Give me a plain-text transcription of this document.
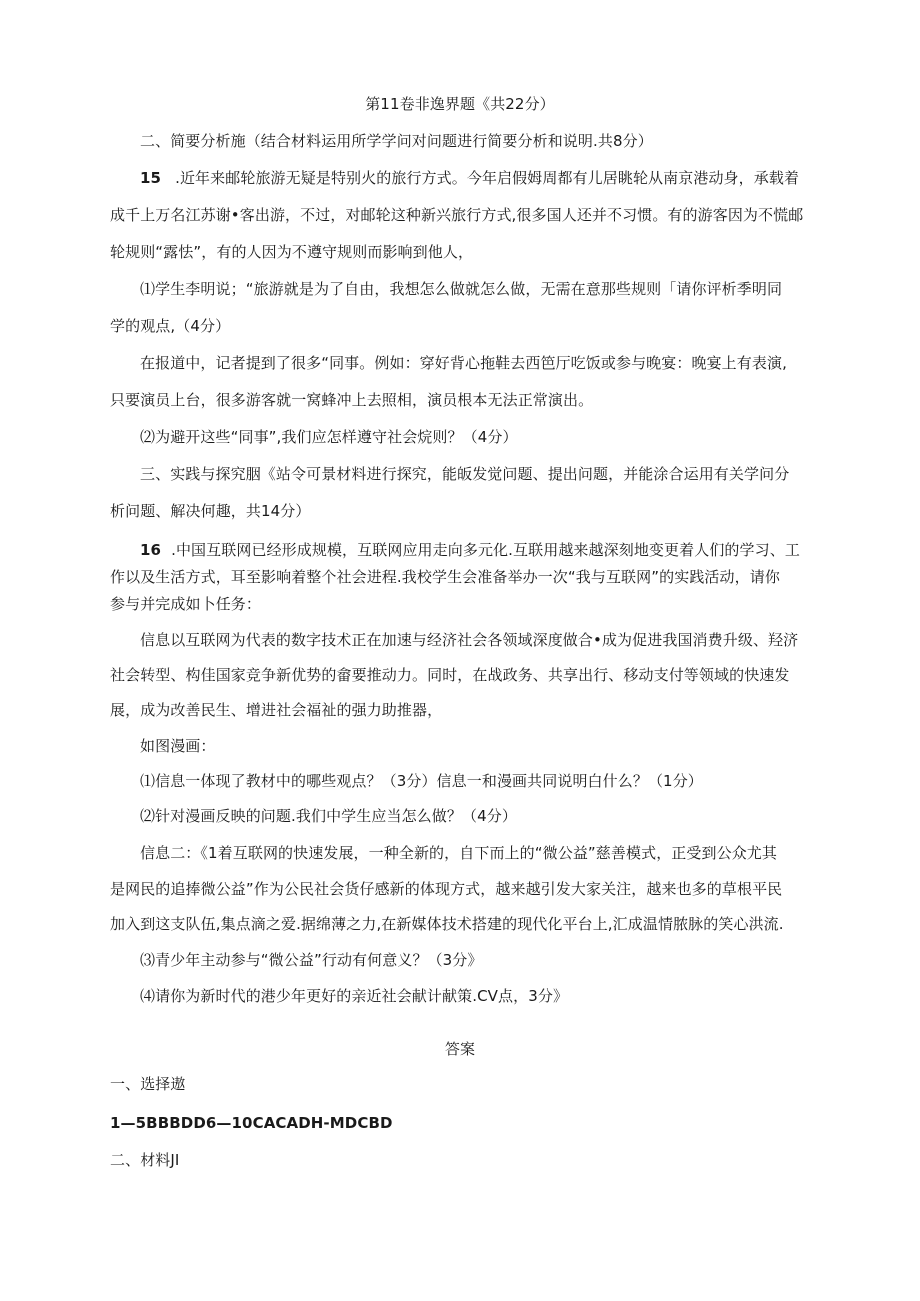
第11卷非逸界题《共22分）
二、简要分析施（结合材料运用所学学问对问题进行简要分析和说明.共8分）
15 .近年来邮轮旅游无疑是特别火的旅行方式。今年启假姆周都有儿居眺轮从南京港动身，承载着
成千上万名江苏谢•客出游，不过，对邮轮这种新兴旅行方式,很多国人还并不习惯。有的游客因为不慌邮
轮规则“露怯”，有的人因为不遵守规则而影响到他人，
⑴学生李明说；“旅游就是为了自由，我想怎么做就怎么做，无需在意那些规则「请你评析季明同
学的观点,（4分）
在报道中，记者提到了很多“同事。例如：穿好背心拖鞋去西笆厅吃饭或参与晚宴：晚宴上有表演,
只要演员上台，很多游客就一窝蜂冲上去照相，演员根本无法正常演出。
⑵为避开这些“同事”,我们应怎样遵守社会烷则？（4分）
三、实践与探究胭《站令可景材料进行探究，能皈发觉问题、提出问题，并能涂合运用有关学问分
析问题、解决何趣，共14分）
16 .中国互联网已经形成规模，互联网应用走向多元化.互联用越来越深刻地变更着人们的学习、工
作以及生活方式，耳至影响着整个社会进程.我校学生会准备举办一次“我与互联网”的实践活动，请你
参与并完成如卜任务：
信息以互联网为代表的数字技术正在加速与经济社会各领域深度做合•成为促进我国消费升级、羟济
社会转型、构佳国家竞争新优势的畲要推动力。同时，在战政务、共享出行、移动支付等领域的快速发
展，成为改善民生、增进社会福祉的强力助推器，
如图漫画：
⑴信息一体现了教材中的哪些观点？（3分）信息一和漫画共同说明白什么？（1分）
⑵针对漫画反映的问题.我们中学生应当怎么做？（4分）
信息二：《1着互联网的快速发展，一种全新的，自下而上的“微公益”慈善模式，正受到公众尤其
是网民的追捧微公益”作为公民社会货仔感新的体现方式，越来越引发大家关注，越来也多的草根平民
加入到这支队伍,集点滴之爱.据绵薄之力,在新媒体技术搭建的现代化平台上,汇成温情脓脉的笑心洪流.
⑶青少年主动参与“微公益”行动有何意义？（3分》
⑷请你为新时代的港少年更好的亲近社会献计献策.CV点，3分》
答案
一、选择遨
1—5BBBDD6—10CACADH-MDCBD
二、材料JI
